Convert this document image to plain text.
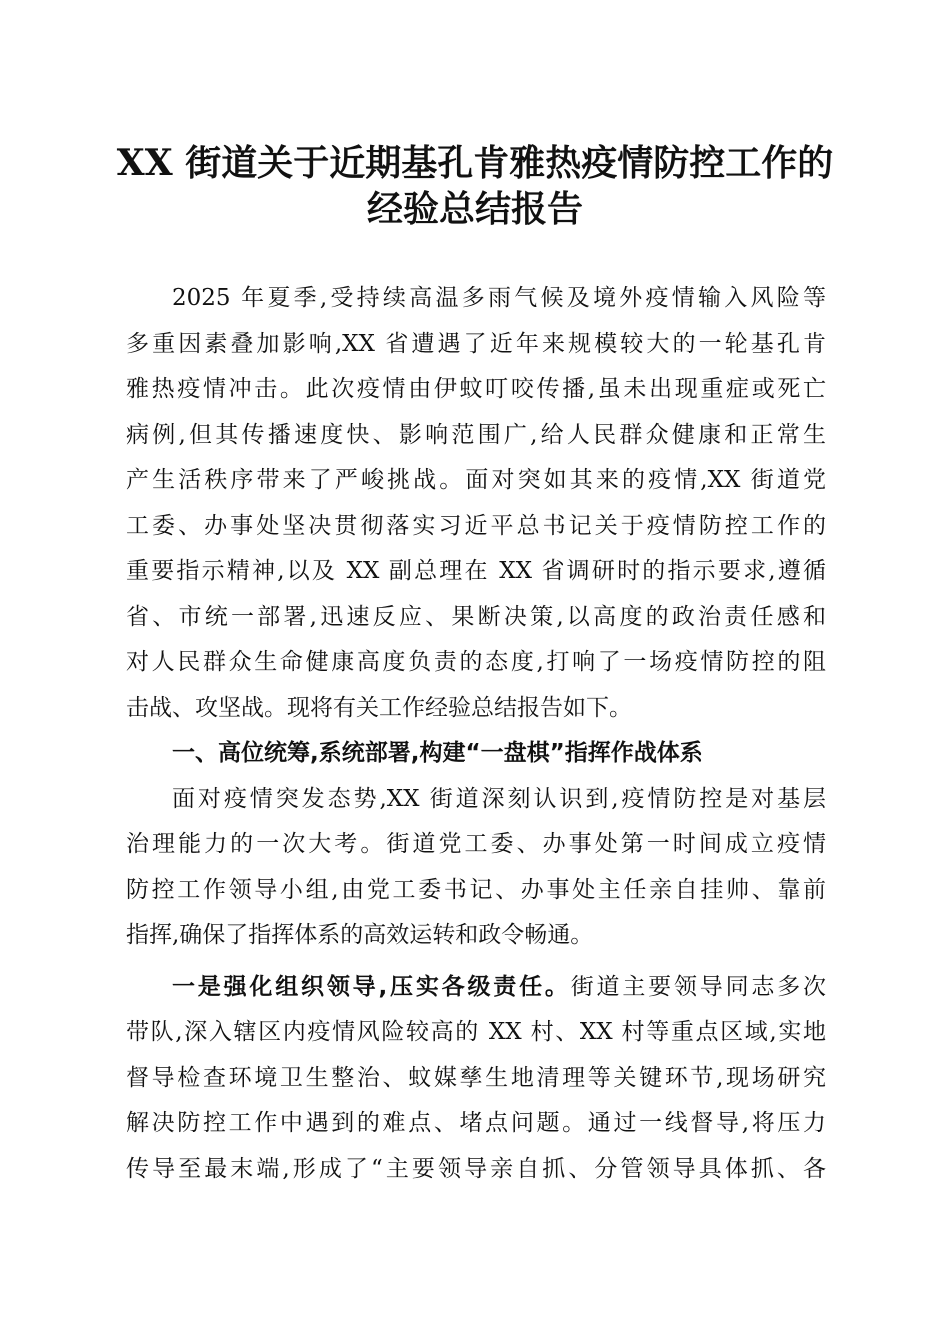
XX 街道关于近期基孔肯雅热疫情防控工作的
经验总结报告
2025 年夏季,受持续高温多雨气候及境外疫情输入风险等
多重因素叠加影响,XX 省遭遇了近年来规模较大的一轮基孔肯
雅热疫情冲击。此次疫情由伊蚊叮咬传播,虽未出现重症或死亡
病例,但其传播速度快、影响范围广,给人民群众健康和正常生
产生活秩序带来了严峻挑战。面对突如其来的疫情,XX 街道党
工委、办事处坚决贯彻落实习近平总书记关于疫情防控工作的
重要指示精神,以及 XX 副总理在 XX 省调研时的指示要求,遵循
省、市统一部署,迅速反应、果断决策,以高度的政治责任感和
对人民群众生命健康高度负责的态度,打响了一场疫情防控的阻
击战、攻坚战。现将有关工作经验总结报告如下。
一、高位统筹,系统部署,构建“一盘棋”指挥作战体系
面对疫情突发态势,XX 街道深刻认识到,疫情防控是对基层
治理能力的一次大考。街道党工委、办事处第一时间成立疫情
防控工作领导小组,由党工委书记、办事处主任亲自挂帅、靠前
指挥,确保了指挥体系的高效运转和政令畅通。
一是强化组织领导,压实各级责任。街道主要领导同志多次
带队,深入辖区内疫情风险较高的 XX 村、XX 村等重点区域,实地
督导检查环境卫生整治、蚊媒孳生地清理等关键环节,现场研究
解决防控工作中遇到的难点、堵点问题。通过一线督导,将压力
传导至最末端,形成了“主要领导亲自抓、分管领导具体抓、各
